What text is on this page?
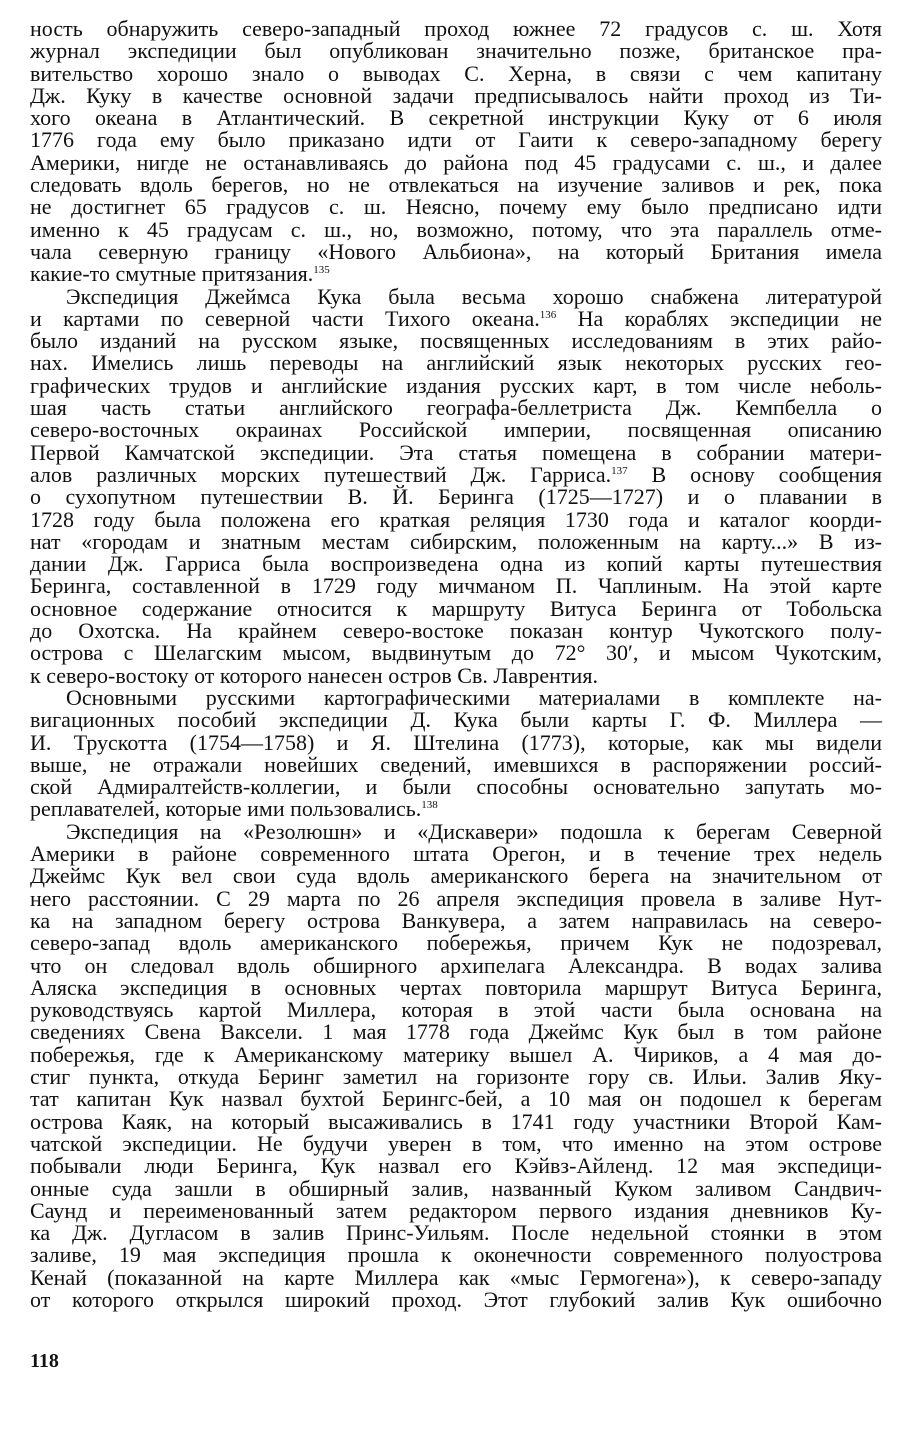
ность обнаружить северо-западный проход южнее 72 градусов с. ш. Хотя
журнал экспедиции был опубликован значительно позже, британское пра-
вительство хорошо знало о выводах С. Херна, в связи с чем капитану
Дж. Куку в качестве основной задачи предписывалось найти проход из Ти-
хого океана в Атлантический. В секретной инструкции Куку от 6 июля
1776 года ему было приказано идти от Гаити к северо-западному берегу
Америки, нигде не останавливаясь до района под 45 градусами с. ш., и далее
следовать вдоль берегов, но не отвлекаться на изучение заливов и рек, пока
не достигнет 65 градусов с. ш. Неясно, почему ему было предписано идти
именно к 45 градусам с. ш., но, возможно, потому, что эта параллель отме-
чала северную границу «Нового Альбиона», на который Британия имела
какие-то смутные притязания.$^{135}$
Экспедиция Джеймса Кука была весьма хорошо снабжена литературой
и картами по северной части Тихого океана.$^{136}$ На кораблях экспедиции не
было изданий на русском языке, посвященных исследованиям в этих райо-
нах. Имелись лишь переводы на английский язык некоторых русских гео-
графических трудов и английские издания русских карт, в том числе неболь-
шая часть статьи английского географа-беллетриста Дж. Кемпбелла о
северо-восточных окраинах Российской империи, посвященная описанию
Первой Камчатской экспедиции. Эта статья помещена в собрании матери-
алов различных морских путешествий Дж. Гарриса.$^{137}$ В основу сообщения
о сухопутном путешествии В. Й. Беринга (1725—1727) и о плавании в
1728 году была положена его краткая реляция 1730 года и каталог коорди-
нат «городам и знатным местам сибирским, положенным на карту...» В из-
дании Дж. Гарриса была воспроизведена одна из копий карты путешествия
Беринга, составленной в 1729 году мичманом П. Чаплиным. На этой карте
основное содержание относится к маршруту Витуса Беринга от Тобольска
до Охотска. На крайнем северо-востоке показан контур Чукотского полу-
острова с Шелагским мысом, выдвинутым до 72° 30′, и мысом Чукотским,
к северо-востоку от которого нанесен остров Св. Лаврентия.
Основными русскими картографическими материалами в комплекте на-
вигационных пособий экспедиции Д. Кука были карты Г. Ф. Миллера —
И. Трускотта (1754—1758) и Я. Штелина (1773), которые, как мы видели
выше, не отражали новейших сведений, имевшихся в распоряжении россий-
ской Адмиралтейств-коллегии, и были способны основательно запутать мо-
реплавателей, которые ими пользовались.$^{138}$
Экспедиция на «Резолюшн» и «Дискавери» подошла к берегам Северной
Америки в районе современного штата Орегон, и в течение трех недель
Джеймс Кук вел свои суда вдоль американского берега на значительном от
него расстоянии. С 29 марта по 26 апреля экспедиция провела в заливе Нут-
ка на западном берегу острова Ванкувера, а затем направилась на северо-
северо-запад вдоль американского побережья, причем Кук не подозревал,
что он следовал вдоль обширного архипелага Александра. В водах залива
Аляска экспедиция в основных чертах повторила маршрут Витуса Беринга,
руководствуясь картой Миллера, которая в этой части была основана на
сведениях Свена Ваксели. 1 мая 1778 года Джеймс Кук был в том районе
побережья, где к Американскому материку вышел А. Чириков, а 4 мая до-
стиг пункта, откуда Беринг заметил на горизонте гору св. Ильи. Залив Яку-
тат капитан Кук назвал бухтой Берингс-бей, а 10 мая он подошел к берегам
острова Каяк, на который высаживались в 1741 году участники Второй Кам-
чатской экспедиции. Не будучи уверен в том, что именно на этом острове
побывали люди Беринга, Кук назвал его Кэйвз-Айленд. 12 мая экспедици-
онные суда зашли в обширный залив, названный Куком заливом Сандвич-
Саунд и переименованный затем редактором первого издания дневников Ку-
ка Дж. Дугласом в залив Принс-Уильям. После недельной стоянки в этом
заливе, 19 мая экспедиция прошла к оконечности современного полуострова
Кенай (показанной на карте Миллера как «мыс Гермогена»), к северо-западу
от которого открылся широкий проход. Этот глубокий залив Кук ошибочно
118
